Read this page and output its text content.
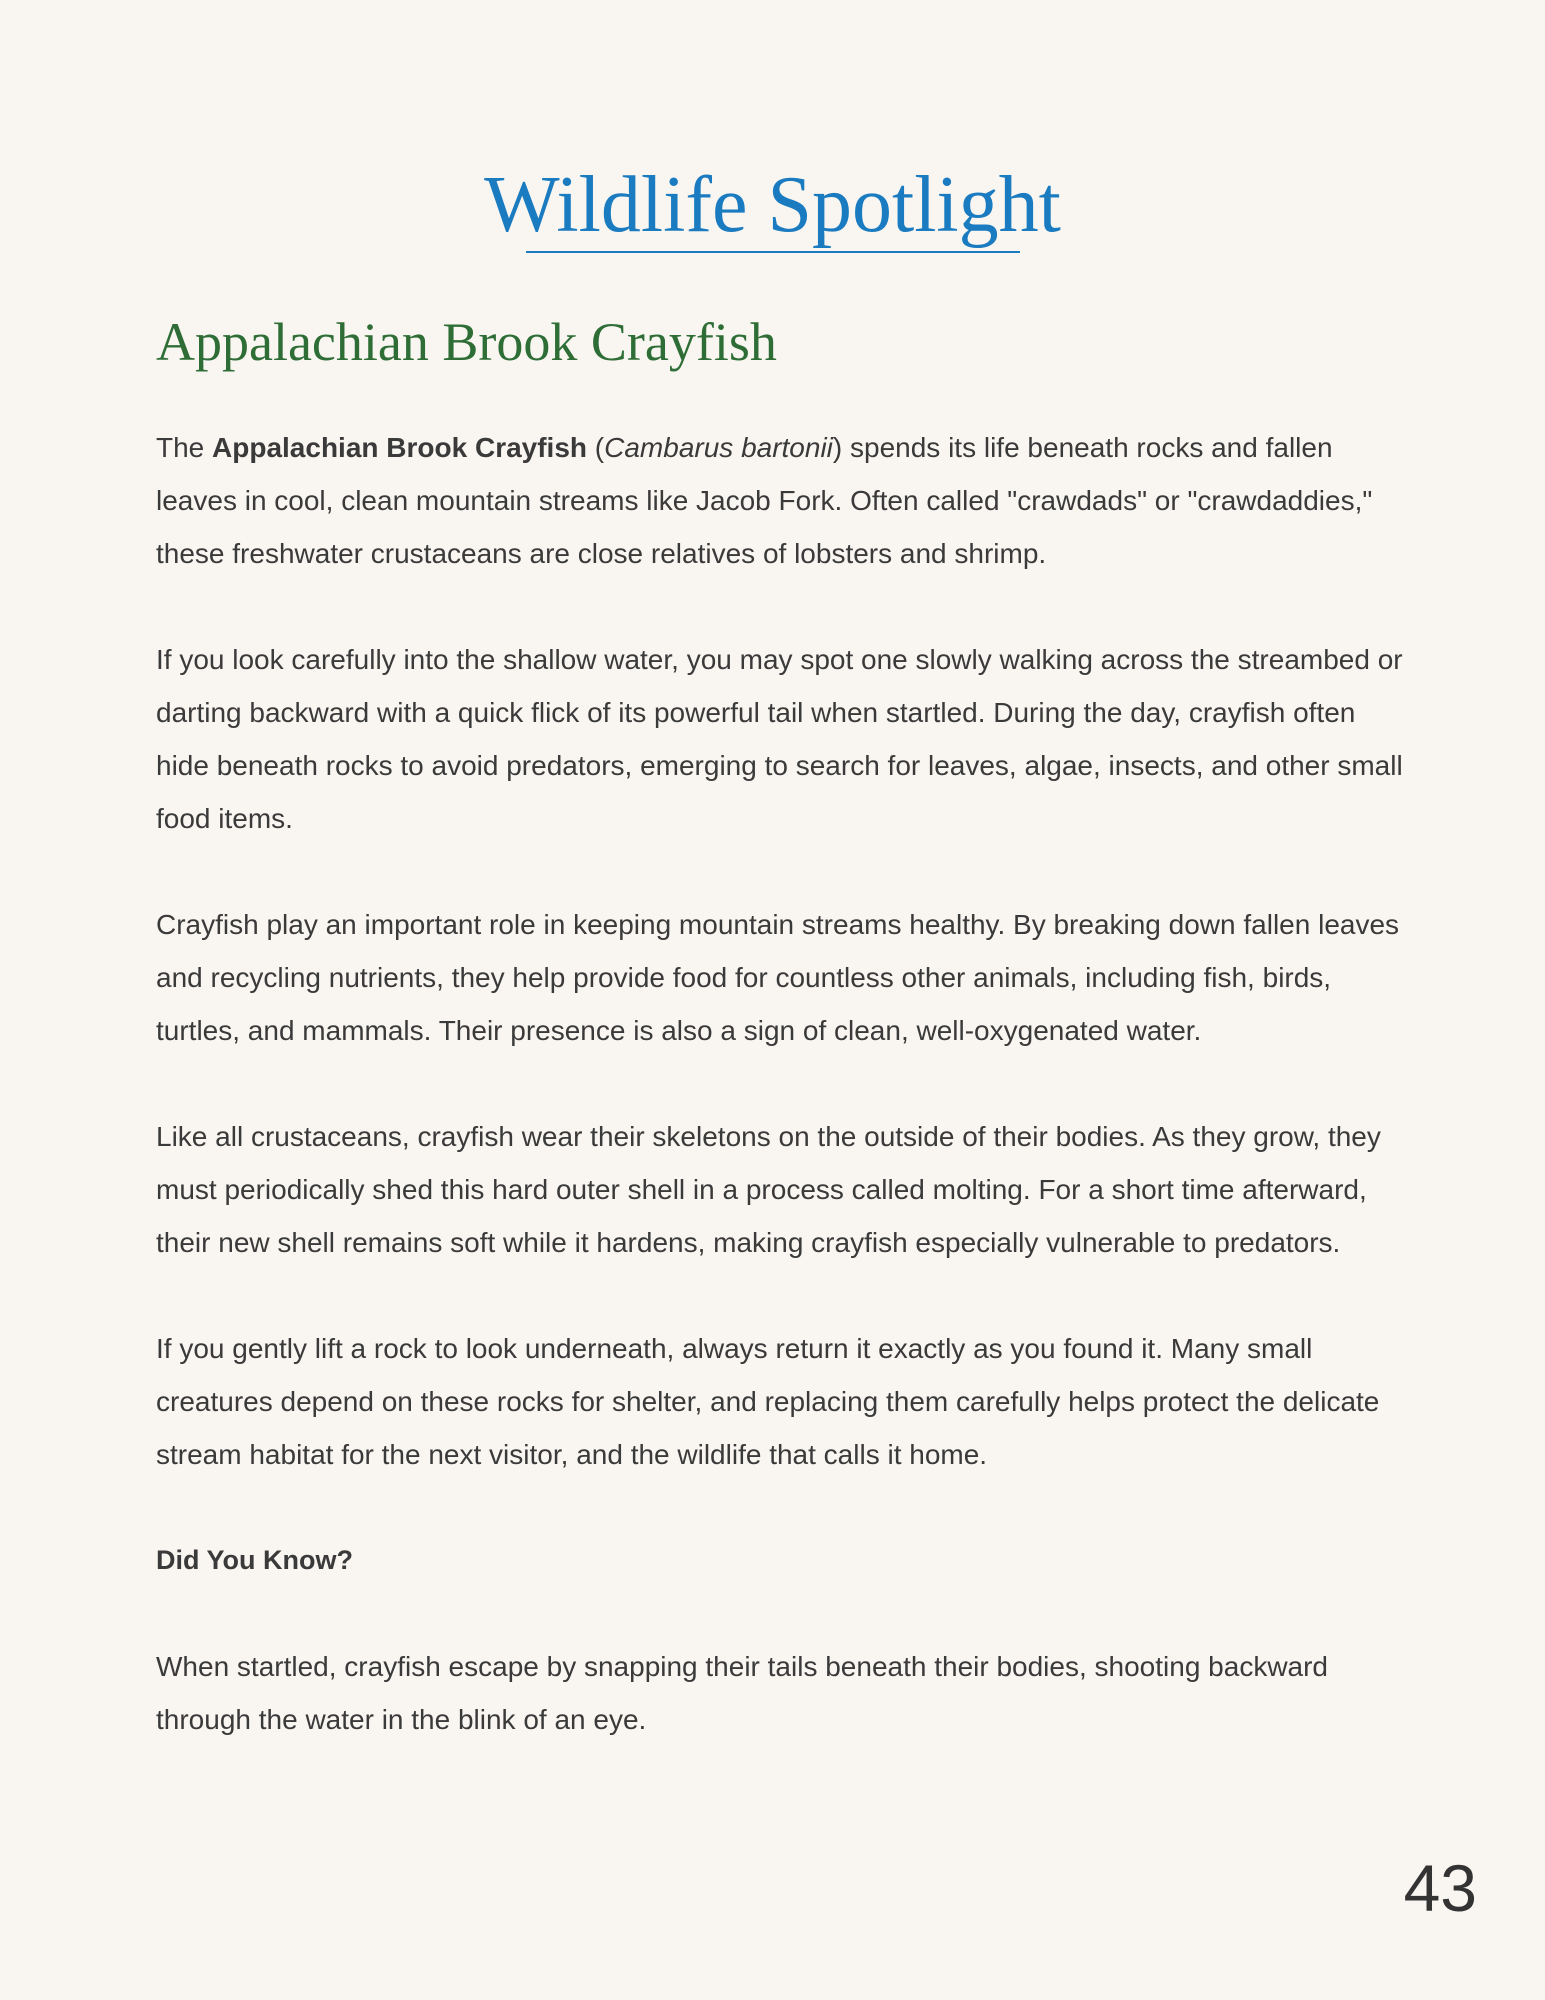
Wildlife Spotlight
Appalachian Brook Crayfish

The Appalachian Brook Crayfish (Cambarus bartonii) spends its life beneath rocks and fallen leaves in cool, clean mountain streams like Jacob Fork. Often called "crawdads" or "crawdaddies," these freshwater crustaceans are close relatives of lobsters and shrimp.

If you look carefully into the shallow water, you may spot one slowly walking across the streambed or darting backward with a quick flick of its powerful tail when startled. During the day, crayfish often hide beneath rocks to avoid predators, emerging to search for leaves, algae, insects, and other small food items.

Crayfish play an important role in keeping mountain streams healthy. By breaking down fallen leaves and recycling nutrients, they help provide food for countless other animals, including fish, birds, turtles, and mammals. Their presence is also a sign of clean, well-oxygenated water.

Like all crustaceans, crayfish wear their skeletons on the outside of their bodies. As they grow, they must periodically shed this hard outer shell in a process called molting. For a short time afterward, their new shell remains soft while it hardens, making crayfish especially vulnerable to predators.

If you gently lift a rock to look underneath, always return it exactly as you found it. Many small creatures depend on these rocks for shelter, and replacing them carefully helps protect the delicate stream habitat for the next visitor, and the wildlife that calls it home.

Did You Know?

When startled, crayfish escape by snapping their tails beneath their bodies, shooting backward through the water in the blink of an eye.

43
